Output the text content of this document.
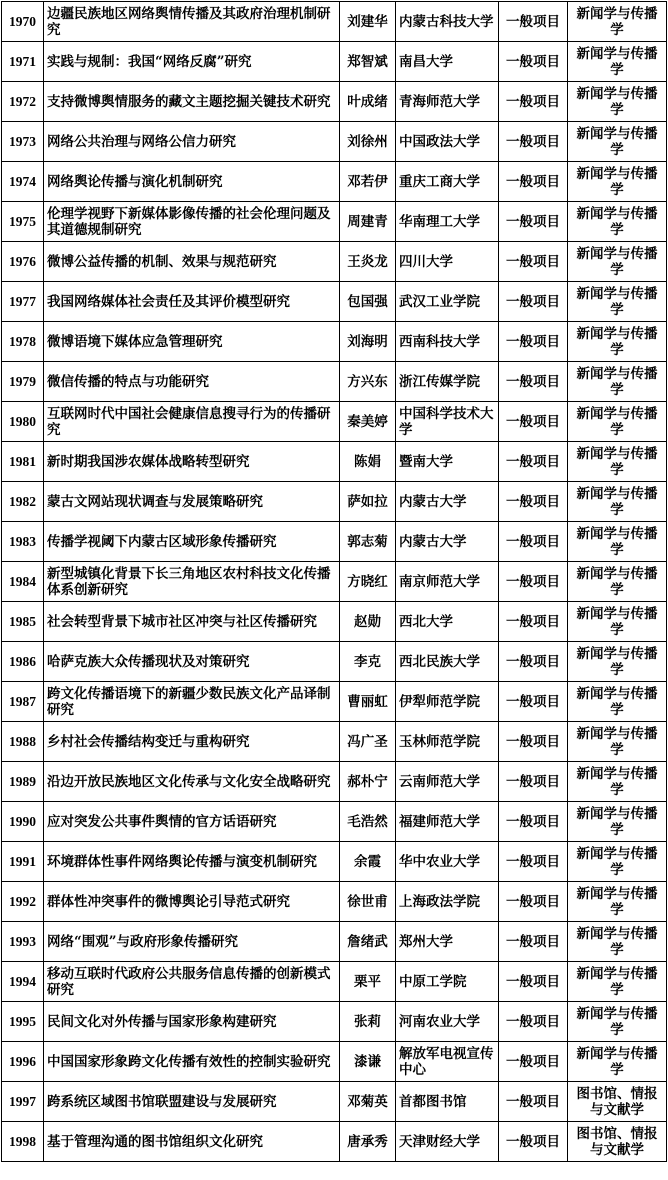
1970	边疆民族地区网络舆情传播及其政府治理机制研究	刘建华	内蒙古科技大学	一般项目	新闻学与传播学
1971	实践与规制：我国“网络反腐”研究	郑智斌	南昌大学	一般项目	新闻学与传播学
1972	支持微博舆情服务的藏文主题挖掘关键技术研究	叶成绪	青海师范大学	一般项目	新闻学与传播学
1973	网络公共治理与网络公信力研究	刘徐州	中国政法大学	一般项目	新闻学与传播学
1974	网络舆论传播与演化机制研究	邓若伊	重庆工商大学	一般项目	新闻学与传播学
1975	伦理学视野下新媒体影像传播的社会伦理问题及其道德规制研究	周建青	华南理工大学	一般项目	新闻学与传播学
1976	微博公益传播的机制、效果与规范研究	王炎龙	四川大学	一般项目	新闻学与传播学
1977	我国网络媒体社会责任及其评价模型研究	包国强	武汉工业学院	一般项目	新闻学与传播学
1978	微博语境下媒体应急管理研究	刘海明	西南科技大学	一般项目	新闻学与传播学
1979	微信传播的特点与功能研究	方兴东	浙江传媒学院	一般项目	新闻学与传播学
1980	互联网时代中国社会健康信息搜寻行为的传播研究	秦美婷	中国科学技术大学	一般项目	新闻学与传播学
1981	新时期我国涉农媒体战略转型研究	陈娟	暨南大学	一般项目	新闻学与传播学
1982	蒙古文网站现状调查与发展策略研究	萨如拉	内蒙古大学	一般项目	新闻学与传播学
1983	传播学视阈下内蒙古区域形象传播研究	郭志菊	内蒙古大学	一般项目	新闻学与传播学
1984	新型城镇化背景下长三角地区农村科技文化传播体系创新研究	方晓红	南京师范大学	一般项目	新闻学与传播学
1985	社会转型背景下城市社区冲突与社区传播研究	赵勋	西北大学	一般项目	新闻学与传播学
1986	哈萨克族大众传播现状及对策研究	李克	西北民族大学	一般项目	新闻学与传播学
1987	跨文化传播语境下的新疆少数民族文化产品译制研究	曹丽虹	伊犁师范学院	一般项目	新闻学与传播学
1988	乡村社会传播结构变迁与重构研究	冯广圣	玉林师范学院	一般项目	新闻学与传播学
1989	沿边开放民族地区文化传承与文化安全战略研究	郝朴宁	云南师范大学	一般项目	新闻学与传播学
1990	应对突发公共事件舆情的官方话语研究	毛浩然	福建师范大学	一般项目	新闻学与传播学
1991	环境群体性事件网络舆论传播与演变机制研究	余霞	华中农业大学	一般项目	新闻学与传播学
1992	群体性冲突事件的微博舆论引导范式研究	徐世甫	上海政法学院	一般项目	新闻学与传播学
1993	网络“围观”与政府形象传播研究	詹绪武	郑州大学	一般项目	新闻学与传播学
1994	移动互联时代政府公共服务信息传播的创新模式研究	栗平	中原工学院	一般项目	新闻学与传播学
1995	民间文化对外传播与国家形象构建研究	张莉	河南农业大学	一般项目	新闻学与传播学
1996	中国国家形象跨文化传播有效性的控制实验研究	漆谦	解放军电视宣传中心	一般项目	新闻学与传播学
1997	跨系统区域图书馆联盟建设与发展研究	邓菊英	首都图书馆	一般项目	图书馆、情报与文献学
1998	基于管理沟通的图书馆组织文化研究	唐承秀	天津财经大学	一般项目	图书馆、情报与文献学
